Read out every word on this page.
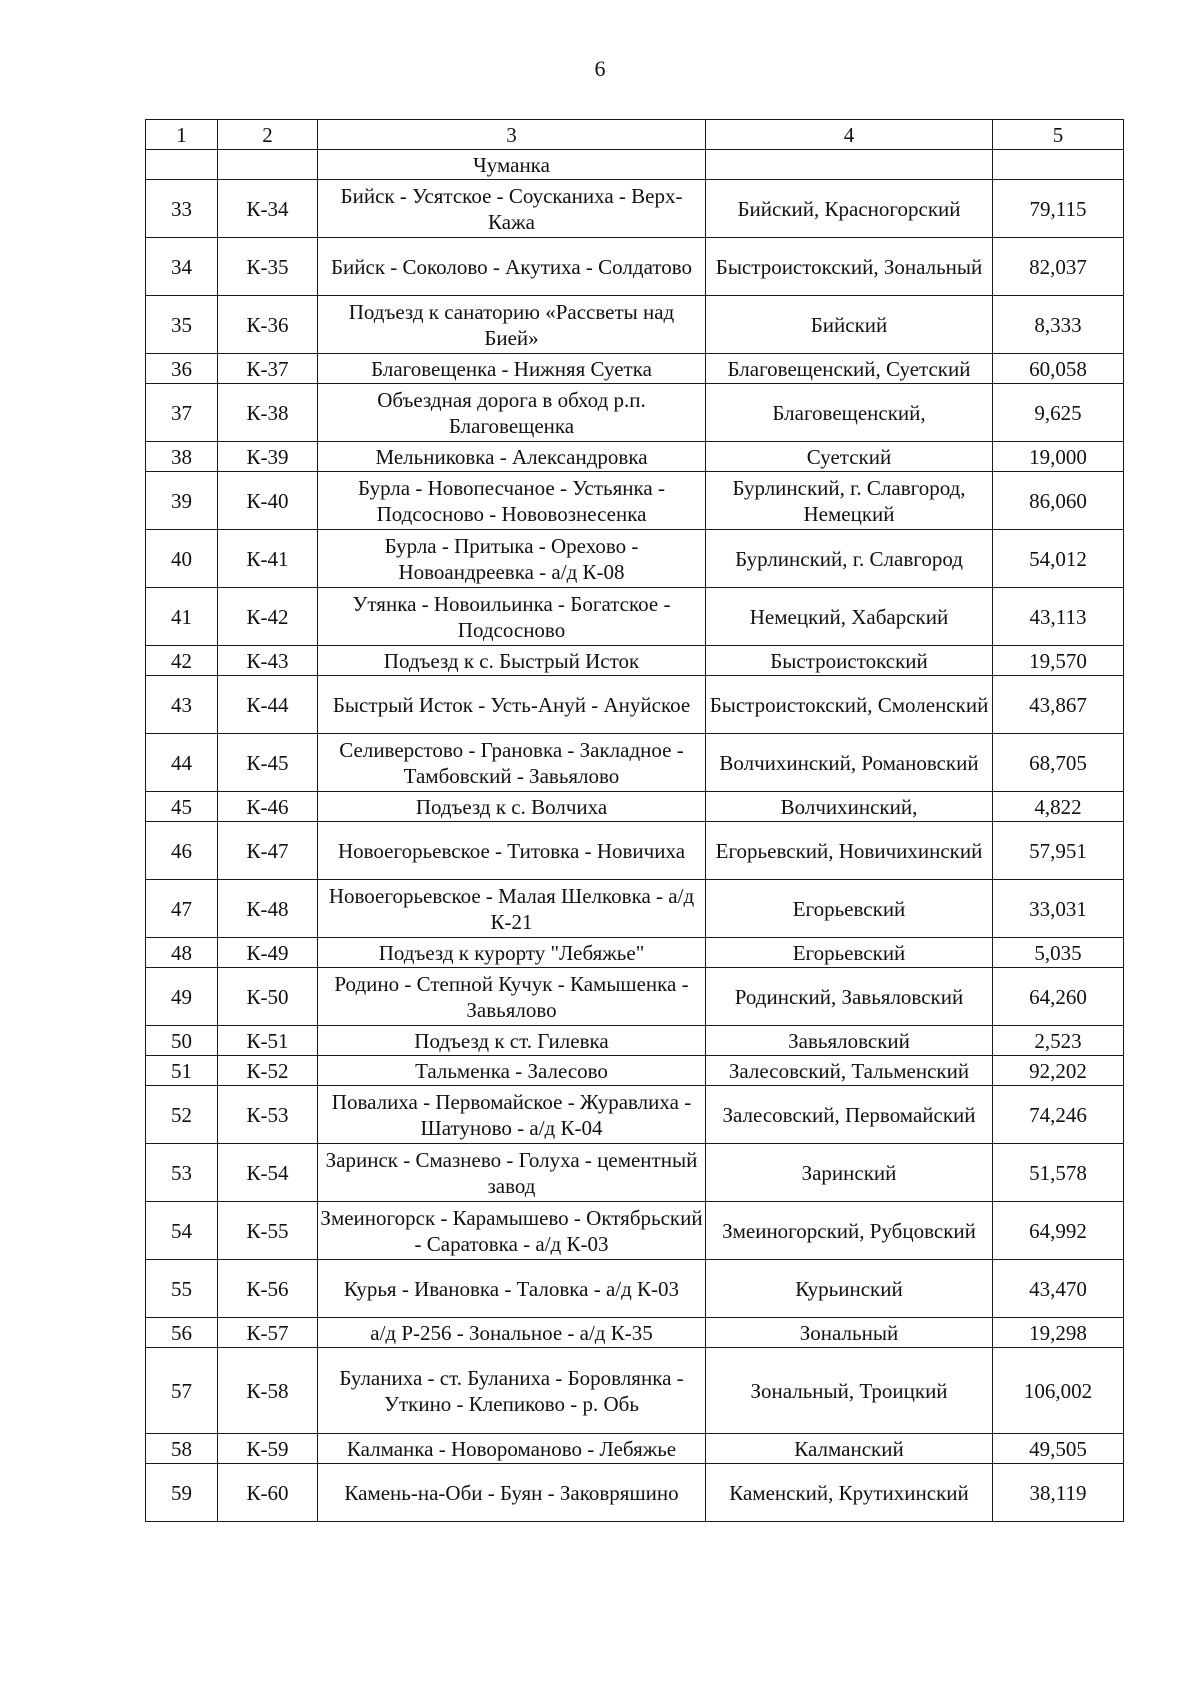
6
1	2	3	4	5
		Чуманка		
33	К-34	Бийск - Усятское - Соусканиха - Верх-Кажа	Бийский, Красногорский	79,115
34	К-35	Бийск - Соколово - Акутиха - Солдатово	Быстроистокский, Зональный	82,037
35	К-36	Подъезд к санаторию «Рассветы над Бией»	Бийский	8,333
36	К-37	Благовещенка - Нижняя Суетка	Благовещенский, Суетский	60,058
37	К-38	Объездная дорога в обход р.п. Благовещенка	Благовещенский,	9,625
38	К-39	Мельниковка - Александровка	Суетский	19,000
39	К-40	Бурла - Новопесчаное - Устьянка - Подсосново - Нововознесенка	Бурлинский, г. Славгород, Немецкий	86,060
40	К-41	Бурла - Притыка - Орехово - Новоандреевка - а/д К-08	Бурлинский, г. Славгород	54,012
41	К-42	Утянка - Новоильинка - Богатское - Подсосново	Немецкий, Хабарский	43,113
42	К-43	Подъезд к с. Быстрый Исток	Быстроистокский	19,570
43	К-44	Быстрый Исток - Усть-Ануй - Ануйское	Быстроистокский, Смоленский	43,867
44	К-45	Селиверстово - Грановка - Закладное - Тамбовский - Завьялово	Волчихинский, Романовский	68,705
45	К-46	Подъезд к с. Волчиха	Волчихинский,	4,822
46	К-47	Новоегорьевское - Титовка - Новичиха	Егорьевский, Новичихинский	57,951
47	К-48	Новоегорьевское - Малая Шелковка - а/д К-21	Егорьевский	33,031
48	К-49	Подъезд к курорту "Лебяжье"	Егорьевский	5,035
49	К-50	Родино - Степной Кучук - Камышенка - Завьялово	Родинский, Завьяловский	64,260
50	К-51	Подъезд к ст. Гилевка	Завьяловский	2,523
51	К-52	Тальменка - Залесово	Залесовский, Тальменский	92,202
52	К-53	Повалиха - Первомайское - Журавлиха - Шатуново - а/д К-04	Залесовский, Первомайский	74,246
53	К-54	Заринск - Смазнево - Голуха - цементный завод	Заринский	51,578
54	К-55	Змеиногорск - Карамышево - Октябрьский - Саратовка - а/д К-03	Змеиногорский, Рубцовский	64,992
55	К-56	Курья - Ивановка - Таловка - а/д К-03	Курьинский	43,470
56	К-57	а/д Р-256 - Зональное - а/д К-35	Зональный	19,298
57	К-58	Буланиха - ст. Буланиха - Боровлянка - Уткино - Клепиково - р. Обь	Зональный, Троицкий	106,002
58	К-59	Калманка - Новороманово - Лебяжье	Калманский	49,505
59	К-60	Камень-на-Оби - Буян - Заковряшино	Каменский, Крутихинский	38,119
